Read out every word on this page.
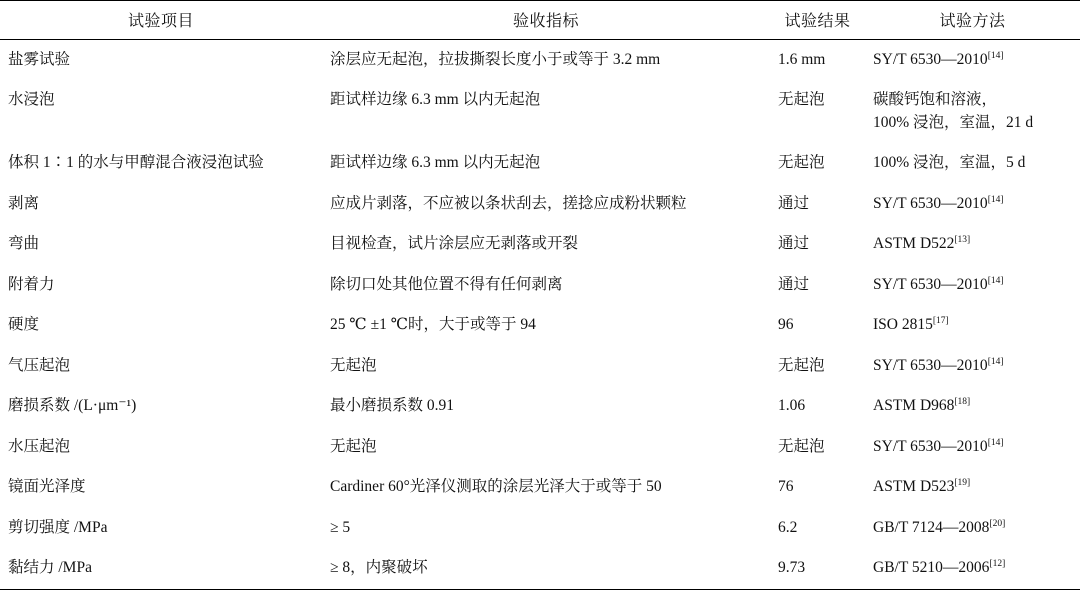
试验项目	验收指标	试验结果	试验方法
盐雾试验	涂层应无起泡，拉拔撕裂长度小于或等于 3.2 mm	1.6 mm	SY/T 6530—2010[14]
水浸泡	距试样边缘 6.3 mm 以内无起泡	无起泡	碳酸钙饱和溶液，
100% 浸泡，室温，21 d

体积 1∶1 的水与甲醇混合液浸泡试验	距试样边缘 6.3 mm 以内无起泡	无起泡	100% 浸泡，室温，5 d
剥离	应成片剥落，不应被以条状刮去，搓捻应成粉状颗粒	通过	SY/T 6530—2010[14]
弯曲	目视检查，试片涂层应无剥落或开裂	通过	ASTM D522[13]
附着力	除切口处其他位置不得有任何剥离	通过	SY/T 6530—2010[14]
硬度	25 ℃ ±1 ℃时，大于或等于 94	96	ISO 2815[17]
气压起泡	无起泡	无起泡	SY/T 6530—2010[14]
磨损系数 /(L·μm⁻¹)	最小磨损系数 0.91	1.06	ASTM D968[18]
水压起泡	无起泡	无起泡	SY/T 6530—2010[14]
镜面光泽度	Cardiner 60°光泽仪测取的涂层光泽大于或等于 50	76	ASTM D523[19]
剪切强度 /MPa	≥ 5	6.2	GB/T 7124—2008[20]
黏结力 /MPa	≥ 8，内聚破坏	9.73	GB/T 5210—2006[12]
